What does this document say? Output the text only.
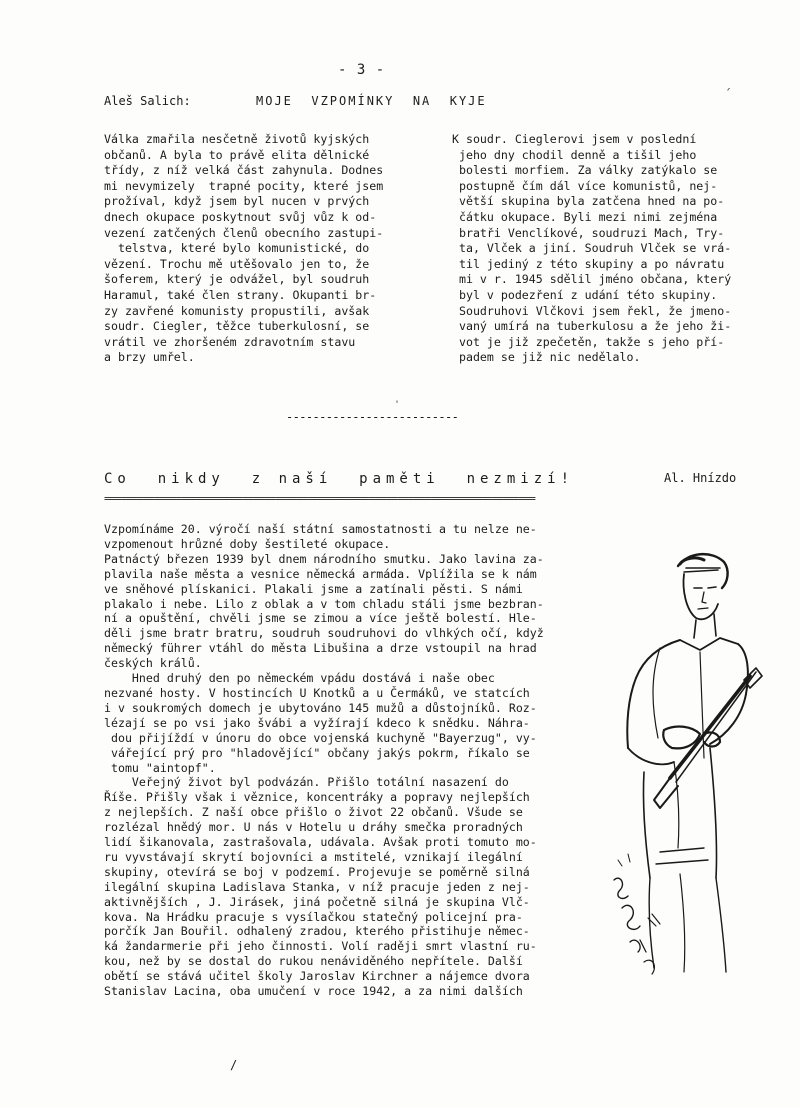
- 3 -
Aleš Salich:	MOJE  VZPOMÍNKY  NA  KYJE	´
Válka zmařila nesčetně životů kyjských
občanů. A byla to právě elita dělnické
třídy, z níž velká část zahynula. Dodnes
mi nevymizely  trapné pocity, které jsem
prožíval, když jsem byl nucen v prvých
dnech okupace poskytnout svůj vůz k od-
vezení zatčených členů obecního zastupi-
telstva, které bylo komunistické, do
vězení. Trochu mě utěšovalo jen to, že
šoferem, který je odvážel, byl soudruh
Haramul, také člen strany. Okupanti br-
zy zavřené komunisty propustili, avšak
soudr. Ciegler, těžce tuberkulosní, se
vrátil ve zhoršeném zdravotním stavu
a brzy umřel.
K soudr. Cieglerovi jsem v poslední
jeho dny chodil denně a tišil jeho
bolesti morfiem. Za války zatýkalo se
postupně čím dál více komunistů, nej-
větší skupina byla zatčena hned na po-
čátku okupace. Byli mezi nimi zejména
bratři Venclíkové, soudruzi Mach, Try-
ta, Vlček a jiní. Soudruh Vlček se vrá-
til jediný z této skupiny a po návratu
mi v r. 1945 sdělil jméno občana, který
byl v podezření z udání této skupiny.
Soudruhovi Vlčkovi jsem řekl, že jmeno-
vaný umírá na tuberkulosu a že jeho ži-
vot je již zpečetěn, takže s jeho pří-
padem se již nic nedělalo.
ˈ
--------------------------
Co  nikdy  z naší  paměti  nezmizí!	Al. Hnízdo
==============================================================================
Vzpomínáme 20. výročí naší státní samostatnosti a tu nelze ne-
vzpomenout hrůzné doby šestileté okupace.
Patnáctý březen 1939 byl dnem národního smutku. Jako lavina za-
plavila naše města a vesnice německá armáda. Vplížila se k nám
ve sněhové plískanici. Plakali jsme a zatínali pěsti. S námi
plakalo i nebe. Lilo z oblak a v tom chladu stáli jsme bezbran-
ní a opuštění, chvěli jsme se zimou a více ještě bolestí. Hle-
děli jsme bratr bratru, soudruh soudruhovi do vlhkých očí, když
německý führer vtáhl do města Libušina a drze vstoupil na hrad
českých králů.
Hned druhý den po německém vpádu dostává i naše obec
nezvané hosty. V hostincích U Knotků a u Čermáků, ve statcích
i v soukromých domech je ubytováno 145 mužů a důstojníků. Roz-
lézají se po vsi jako švábi a vyžírají kdeco k snědku. Náhra-
dou přijíždí v únoru do obce vojenská kuchyně "Bayerzug", vy-
vářející prý pro "hladovějící" občany jakýs pokrm, říkalo se
tomu "aintopf".
Veřejný život byl podvázán. Přišlo totální nasazení do
Říše. Přišly však i věznice, koncentráky a popravy nejlepších
z nejlepších. Z naší obce přišlo o život 22 občanů. Všude se
rozlézal hnědý mor. U nás v Hotelu u dráhy smečka proradných
lidí šikanovala, zastrašovala, udávala. Avšak proti tomuto mo-
ru vyvstávají skrytí bojovníci a mstitelé, vznikají ilegální
skupiny, otevírá se boj v podzemí. Projevuje se poměrně silná
ilegální skupina Ladislava Stanka, v níž pracuje jeden z nej-
aktivnějších , J. Jirásek, jiná početně silná je skupina Vlč-
kova. Na Hrádku pracuje s vysílačkou statečný policejní pra-
porčík Jan Bouřil. odhalený zradou, kterého přistihuje němec-
ká žandarmerie při jeho činnosti. Volí raději smrt vlastní ru-
kou, než by se dostal do rukou nenáviděného nepřítele. Další
obětí se stává učitel školy Jaroslav Kirchner a nájemce dvora
Stanislav Lacina, oba umučení v roce 1942, a za nimi dalších
/
